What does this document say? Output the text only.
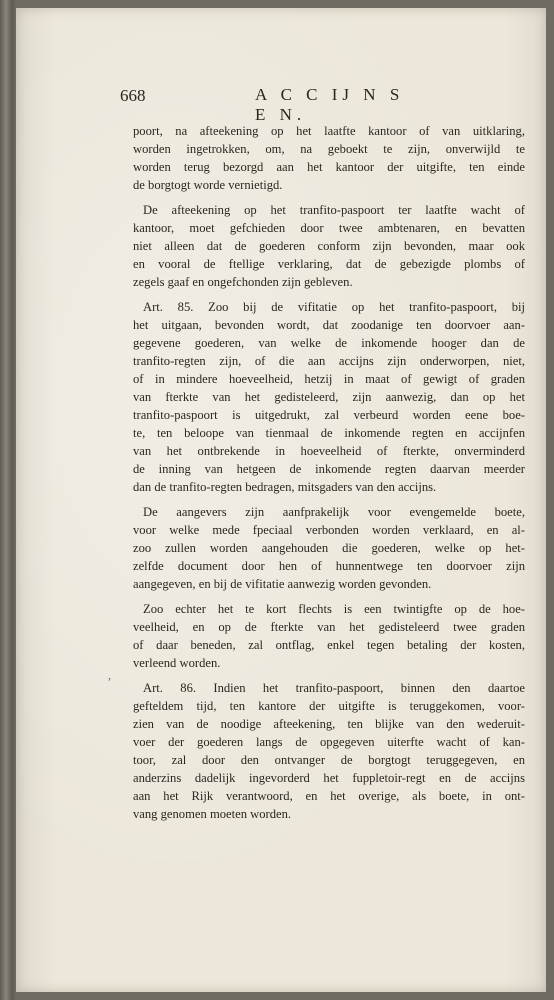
668	A C C IJ N S E N.
,
poort, na afteekening op het laatfte kantoor of van uitklaring,
worden ingetrokken, om, na geboekt te zijn, onverwijld te
worden terug bezorgd aan het kantoor der uitgifte, ten einde
de borgtogt worde vernietigd.
De afteekening op het tranfito-paspoort ter laatfte wacht of
kantoor, moet gefchieden door twee ambtenaren, en bevatten
niet alleen dat de goederen conform zijn bevonden, maar ook
en vooral de ftellige verklaring, dat de gebezigde plombs of
zegels gaaf en ongefchonden zijn gebleven.
Art. 85. Zoo bij de vifitatie op het tranfito-paspoort, bij
het uitgaan, bevonden wordt, dat zoodanige ten doorvoer aan-
gegevene goederen, van welke de inkomende hooger dan de
tranfito-regten zijn, of die aan accijns zijn onderworpen, niet,
of in mindere hoeveelheid, hetzij in maat of gewigt of graden
van fterkte van het gedisteleerd, zijn aanwezig, dan op het
tranfito-paspoort is uitgedrukt, zal verbeurd worden eene boe-
te, ten beloope van tienmaal de inkomende regten en accijnfen
van het ontbrekende in hoeveelheid of fterkte, onverminderd
de inning van hetgeen de inkomende regten daarvan meerder
dan de tranfito-regten bedragen, mitsgaders van den accijns.
De aangevers zijn aanfprakelijk voor evengemelde boete,
voor welke mede fpeciaal verbonden worden verklaard, en al-
zoo zullen worden aangehouden die goederen, welke op het-
zelfde document door hen of hunnentwege ten doorvoer zijn
aangegeven, en bij de vifitatie aanwezig worden gevonden.
Zoo echter het te kort flechts is een twintigfte op de hoe-
veelheid, en op de fterkte van het gedisteleerd twee graden
of daar beneden, zal ontflag, enkel tegen betaling der kosten,
verleend worden.
Art. 86. Indien het tranfito-paspoort, binnen den daartoe
gefteldem tijd, ten kantore der uitgifte is teruggekomen, voor-
zien van de noodige afteekening, ten blijke van den wederuit-
voer der goederen langs de opgegeven uiterfte wacht of kan-
toor, zal door den ontvanger de borgtogt teruggegeven, en
anderzins dadelijk ingevorderd het fuppletoir-regt en de accijns
aan het Rijk verantwoord, en het overige, als boete, in ont-
vang genomen moeten worden.
